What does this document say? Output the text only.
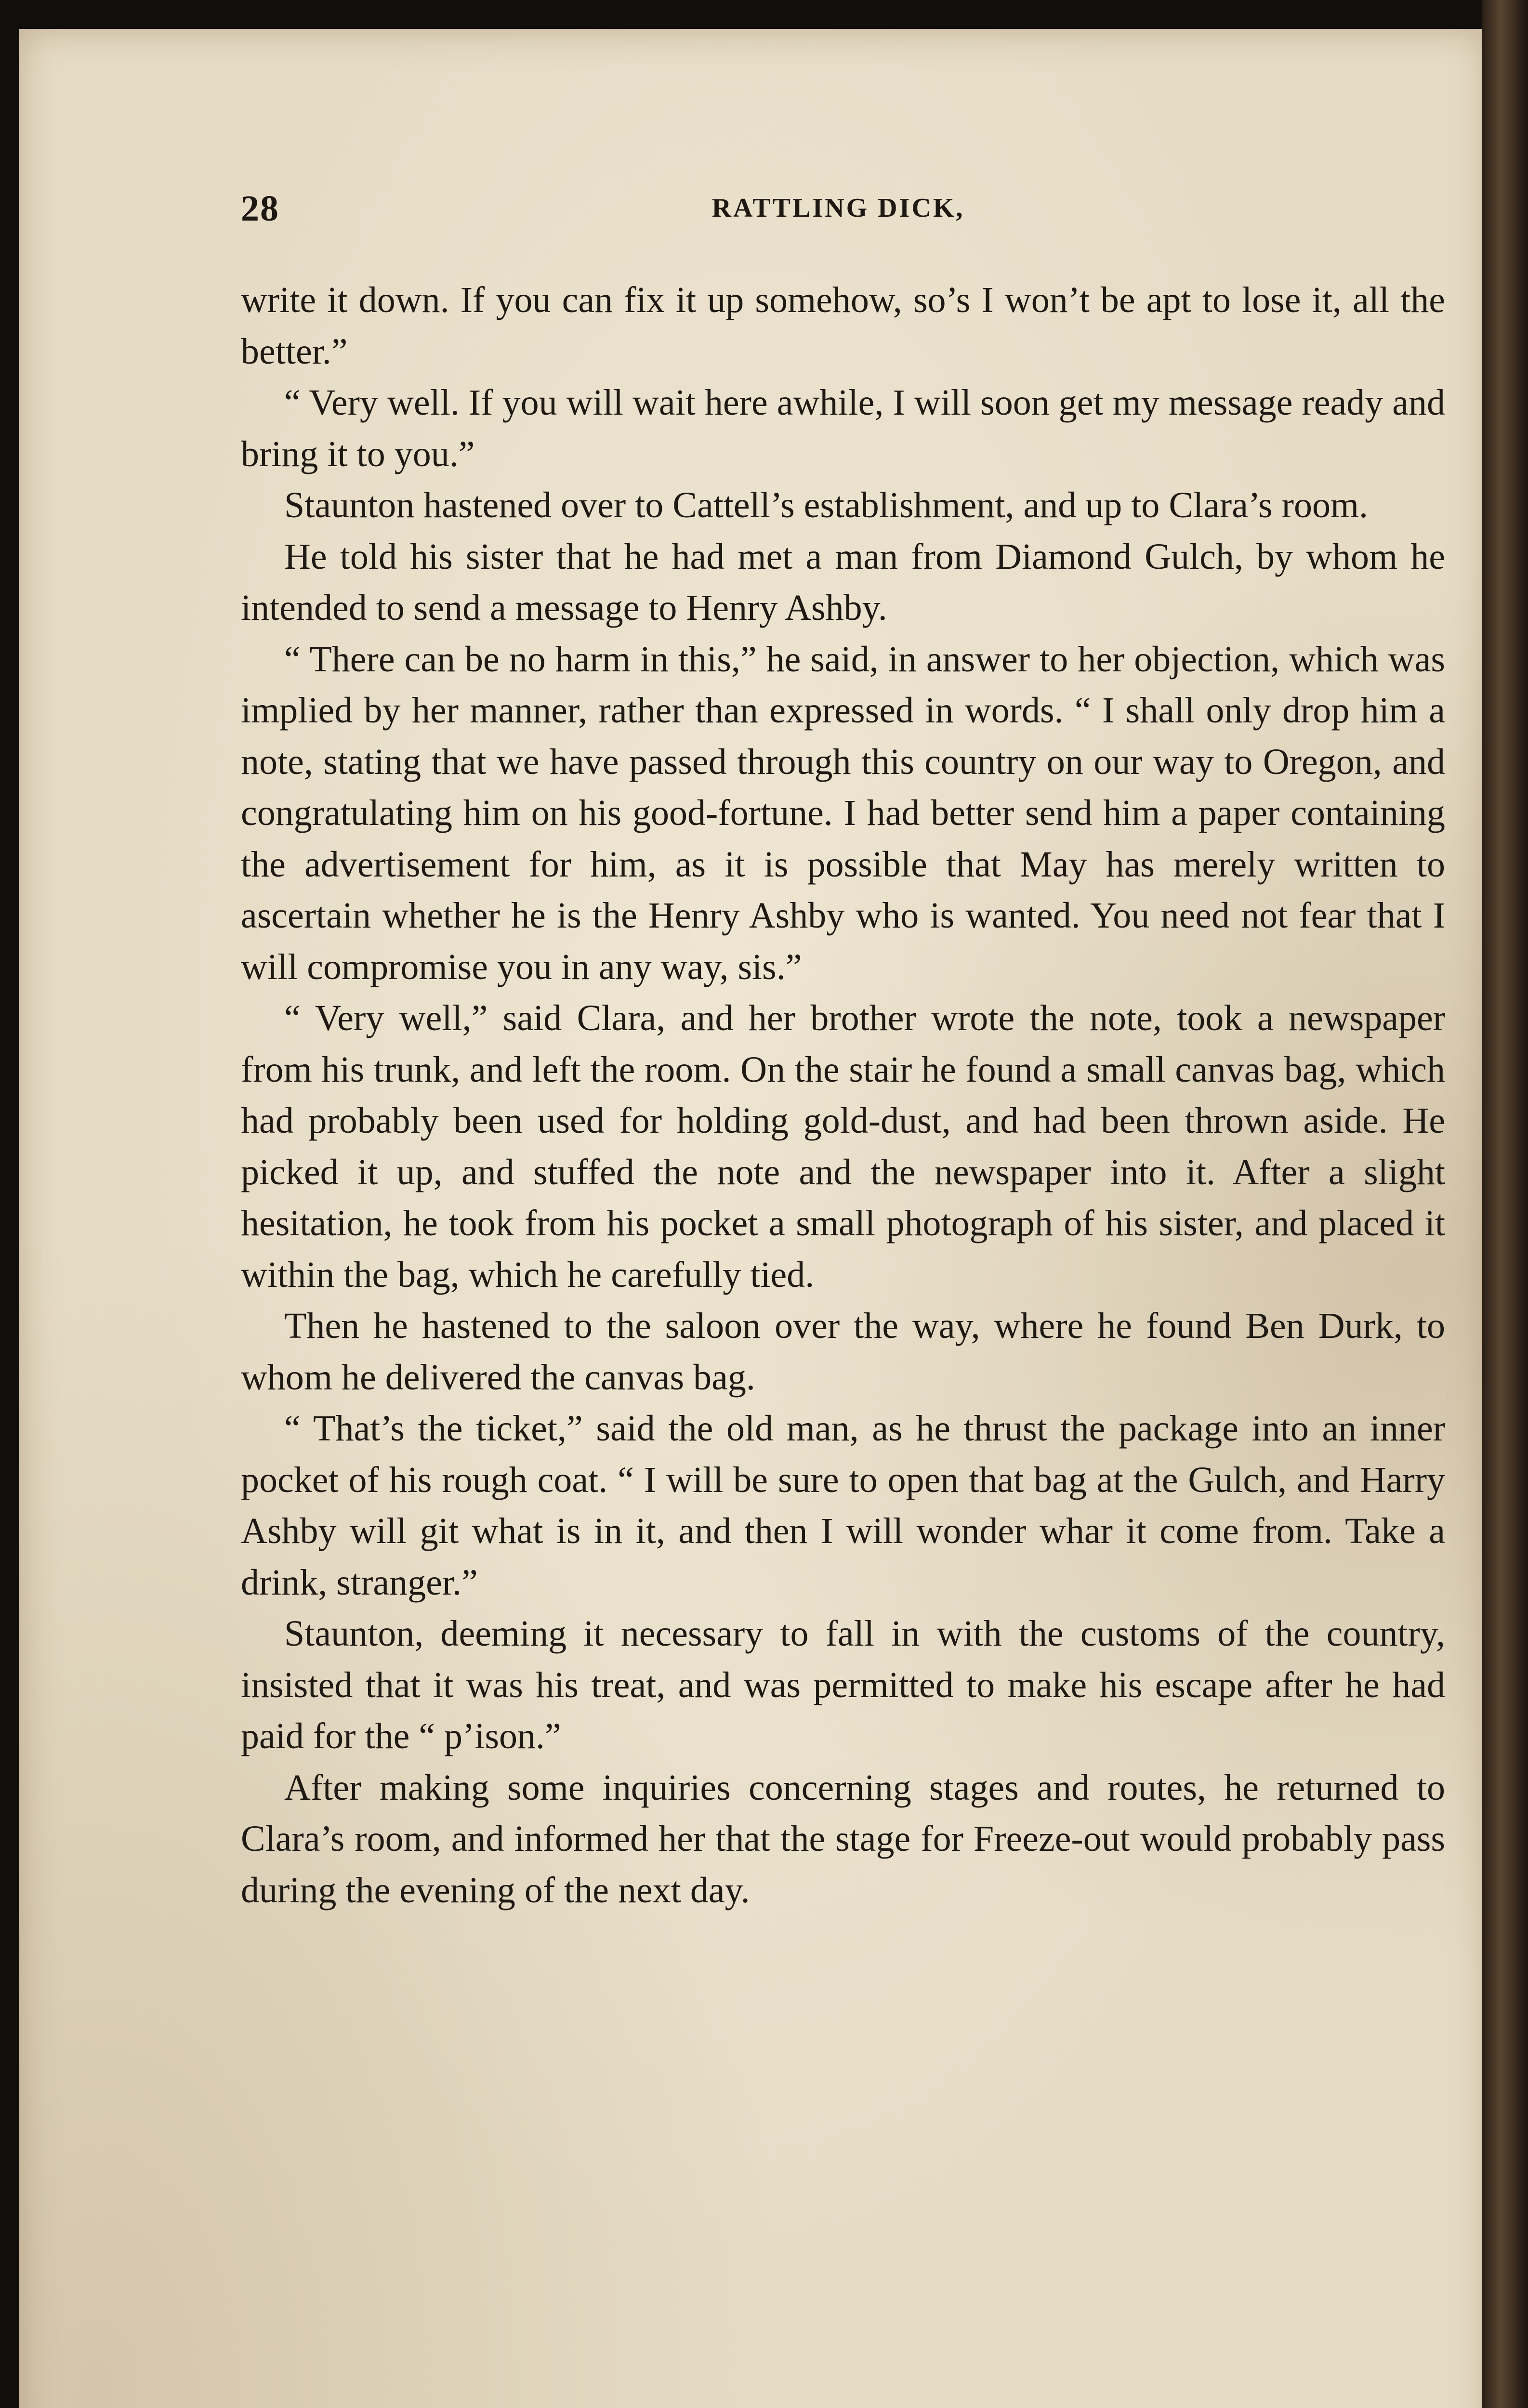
28	RATTLING DICK,

write it down. If you can fix it up somehow, so’s I won’t be apt to lose it, all the better.”

“ Very well. If you will wait here awhile, I will soon get my message ready and bring it to you.”

Staunton hastened over to Cattell’s establishment, and up to Clara’s room.

He told his sister that he had met a man from Diamond Gulch, by whom he intended to send a message to Henry Ashby.

“ There can be no harm in this,” he said, in answer to her objection, which was implied by her manner, rather than expressed in words. “ I shall only drop him a note, stating that we have passed through this country on our way to Oregon, and congratulating him on his good-fortune. I had better send him a paper containing the advertisement for him, as it is possible that May has merely written to ascertain whether he is the Henry Ashby who is wanted. You need not fear that I will compromise you in any way, sis.”

“ Very well,” said Clara, and her brother wrote the note, took a newspaper from his trunk, and left the room. On the stair he found a small canvas bag, which had probably been used for holding gold-dust, and had been thrown aside. He picked it up, and stuffed the note and the newspaper into it. After a slight hesitation, he took from his pocket a small photograph of his sister, and placed it within the bag, which he carefully tied.

Then he hastened to the saloon over the way, where he found Ben Durk, to whom he delivered the canvas bag.

“ That’s the ticket,” said the old man, as he thrust the package into an inner pocket of his rough coat. “ I will be sure to open that bag at the Gulch, and Harry Ashby will git what is in it, and then I will wonder whar it come from. Take a drink, stranger.”

Staunton, deeming it necessary to fall in with the customs of the country, insisted that it was his treat, and was permitted to make his escape after he had paid for the “ p’ison.”

After making some inquiries concerning stages and routes, he returned to Clara’s room, and informed her that the stage for Freeze-out would probably pass during the evening of the next day.
